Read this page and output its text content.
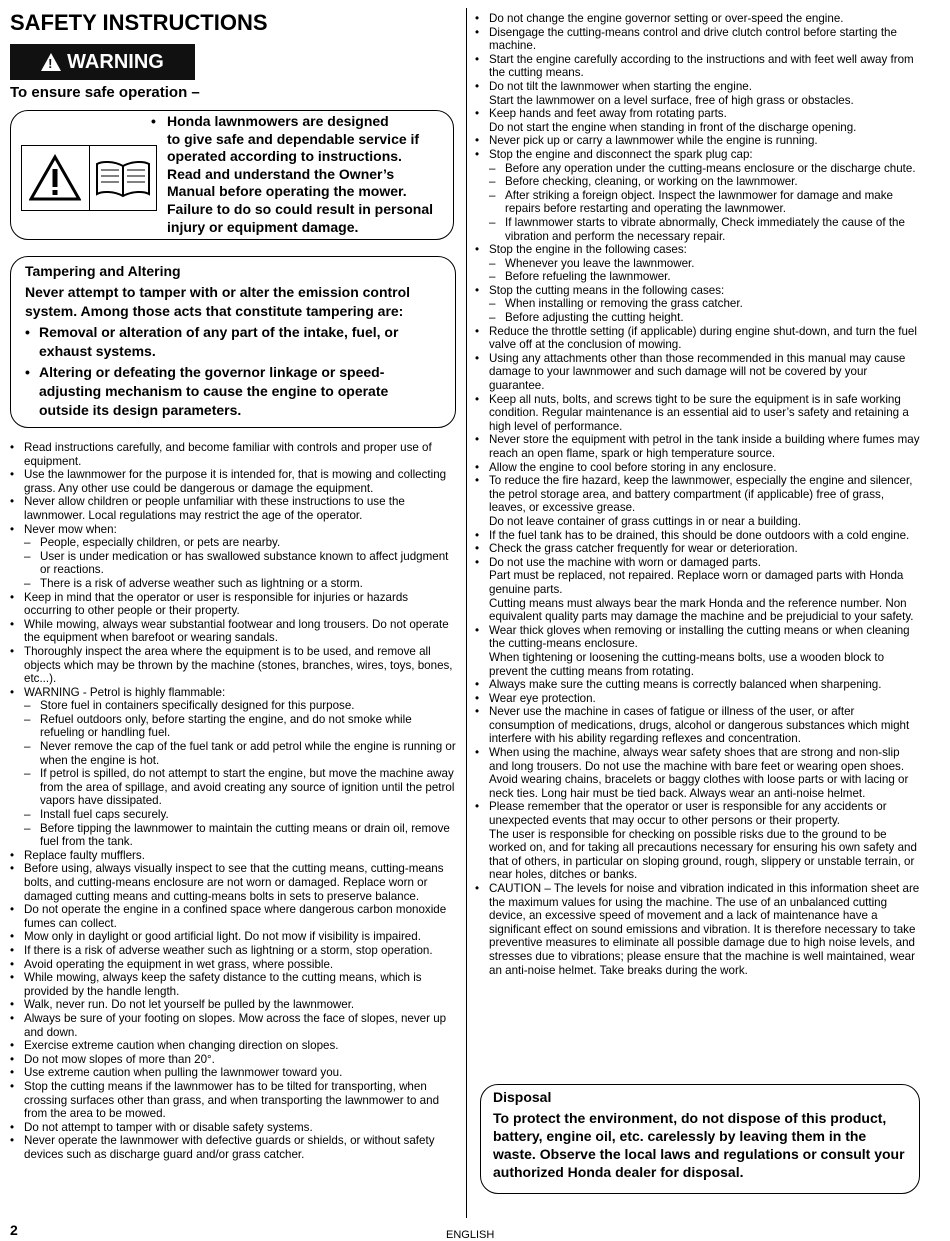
SAFETY INSTRUCTIONS
! WARNING
To ensure safe operation –
• Honda lawnmowers are designed

to give safe and dependable service if

operated according to instructions.

Read and understand the Owner’s

Manual before operating the mower.

Failure to do so could result in personal

injury or equipment damage.

Tampering and Altering
Never attempt to tamper with or alter the emission control system. Among those acts that constitute tampering are:
• Removal or alteration of any part of the intake, fuel, or exhaust systems.
• Altering or defeating the governor linkage or speed-adjusting mechanism to cause the engine to operate outside its design parameters.
• Read instructions carefully, and become familiar with controls and proper use of equipment.
• Use the lawnmower for the purpose it is intended for, that is mowing and collecting grass. Any other use could be dangerous or damage the equipment.
• Never allow children or people unfamiliar with these instructions to use the lawnmower. Local regulations may restrict the age of the operator.
• Never mow when:
– People, especially children, or pets are nearby.
– User is under medication or has swallowed substance known to affect judgment or reactions.
– There is a risk of adverse weather such as lightning or a storm.
• Keep in mind that the operator or user is responsible for injuries or hazards occurring to other people or their property.
• While mowing, always wear substantial footwear and long trousers. Do not operate the equipment when barefoot or wearing sandals.
• Thoroughly inspect the area where the equipment is to be used, and remove all objects which may be thrown by the machine (stones, branches, wires, toys, bones, etc...).
• WARNING - Petrol is highly flammable:
– Store fuel in containers specifically designed for this purpose.
– Refuel outdoors only, before starting the engine, and do not smoke while refueling or handling fuel.
– Never remove the cap of the fuel tank or add petrol while the engine is running or when the engine is hot.
– If petrol is spilled, do not attempt to start the engine, but move the machine away from the area of spillage, and avoid creating any source of ignition until the petrol vapors have dissipated.
– Install fuel caps securely.
– Before tipping the lawnmower to maintain the cutting means or drain oil, remove fuel from the tank.
• Replace faulty mufflers.
• Before using, always visually inspect to see that the cutting means, cutting-means bolts, and cutting-means enclosure are not worn or damaged. Replace worn or damaged cutting means and cutting-means bolts in sets to preserve balance.
• Do not operate the engine in a confined space where dangerous carbon monoxide fumes can collect.
• Mow only in daylight or good artificial light. Do not mow if visibility is impaired.
• If there is a risk of adverse weather such as lightning or a storm, stop operation.
• Avoid operating the equipment in wet grass, where possible.
• While mowing, always keep the safety distance to the cutting means, which is provided by the handle length.
• Walk, never run. Do not let yourself be pulled by the lawnmower.
• Always be sure of your footing on slopes. Mow across the face of slopes, never up and down.
• Exercise extreme caution when changing direction on slopes.
• Do not mow slopes of more than 20°.
• Use extreme caution when pulling the lawnmower toward you.
• Stop the cutting means if the lawnmower has to be tilted for transporting, when crossing surfaces other than grass, and when transporting the lawnmower to and from the area to be mowed.
• Do not attempt to tamper with or disable safety systems.
• Never operate the lawnmower with defective guards or shields, or without safety devices such as discharge guard and/or grass catcher.
• Do not change the engine governor setting or over-speed the engine.
• Disengage the cutting-means control and drive clutch control before starting the machine.
• Start the engine carefully according to the instructions and with feet well away from the cutting means.
• Do not tilt the lawnmower when starting the engine.
Start the lawnmower on a level surface, free of high grass or obstacles.
• Keep hands and feet away from rotating parts.
Do not start the engine when standing in front of the discharge opening.
• Never pick up or carry a lawnmower while the engine is running.
• Stop the engine and disconnect the spark plug cap:
– Before any operation under the cutting-means enclosure or the discharge chute.
– Before checking, cleaning, or working on the lawnmower.
– After striking a foreign object. Inspect the lawnmower for damage and make repairs before restarting and operating the lawnmower.
– If lawnmower starts to vibrate abnormally, Check immediately the cause of the vibration and perform the necessary repair.
• Stop the engine in the following cases:
– Whenever you leave the lawnmower.
– Before refueling the lawnmower.
• Stop the cutting means in the following cases:
– When installing or removing the grass catcher.
– Before adjusting the cutting height.
• Reduce the throttle setting (if applicable) during engine shut-down, and turn the fuel valve off at the conclusion of mowing.
• Using any attachments other than those recommended in this manual may cause damage to your lawnmower and such damage will not be covered by your guarantee.
• Keep all nuts, bolts, and screws tight to be sure the equipment is in safe working condition. Regular maintenance is an essential aid to user’s safety and retaining a high level of performance.
• Never store the equipment with petrol in the tank inside a building where fumes may reach an open flame, spark or high temperature source.
• Allow the engine to cool before storing in any enclosure.
• To reduce the fire hazard, keep the lawnmower, especially the engine and silencer, the petrol storage area, and battery compartment (if applicable) free of grass, leaves, or excessive grease.
Do not leave container of grass cuttings in or near a building.
• If the fuel tank has to be drained, this should be done outdoors with a cold engine.
• Check the grass catcher frequently for wear or deterioration.
• Do not use the machine with worn or damaged parts.
Part must be replaced, not repaired. Replace worn or damaged parts with Honda genuine parts.
Cutting means must always bear the mark Honda and the reference number. Non equivalent quality parts may damage the machine and be prejudicial to your safety.
• Wear thick gloves when removing or installing the cutting means or when cleaning the cutting-means enclosure.
When tightening or loosening the cutting-means bolts, use a wooden block to prevent the cutting means from rotating.
• Always make sure the cutting means is correctly balanced when sharpening.
• Wear eye protection.
• Never use the machine in cases of fatigue or illness of the user, or after consumption of medications, drugs, alcohol or dangerous substances which might interfere with his ability regarding reflexes and concentration.
• When using the machine, always wear safety shoes that are strong and non-slip and long trousers. Do not use the machine with bare feet or wearing open shoes. Avoid wearing chains, bracelets or baggy clothes with loose parts or with lacing or neck ties. Long hair must be tied back. Always wear an anti-noise helmet.
• Please remember that the operator or user is responsible for any accidents or unexpected events that may occur to other persons or their property.
The user is responsible for checking on possible risks due to the ground to be worked on, and for taking all precautions necessary for ensuring his own safety and that of others, in particular on sloping ground, rough, slippery or unstable terrain, or near holes, ditches or banks.
• CAUTION – The levels for noise and vibration indicated in this information sheet are the maximum values for using the machine. The use of an unbalanced cutting device, an excessive speed of movement and a lack of maintenance have a significant effect on sound emissions and vibration. It is therefore necessary to take preventive measures to eliminate all possible damage due to high noise levels, and stresses due to vibrations; please ensure that the machine is well maintained, wear an anti-noise helmet. Take breaks during the work.
Disposal
To protect the environment, do not dispose of this product, battery, engine oil, etc. carelessly by leaving them in the waste. Observe the local laws and regulations or consult your authorized Honda dealer for disposal.
2	ENGLISH
